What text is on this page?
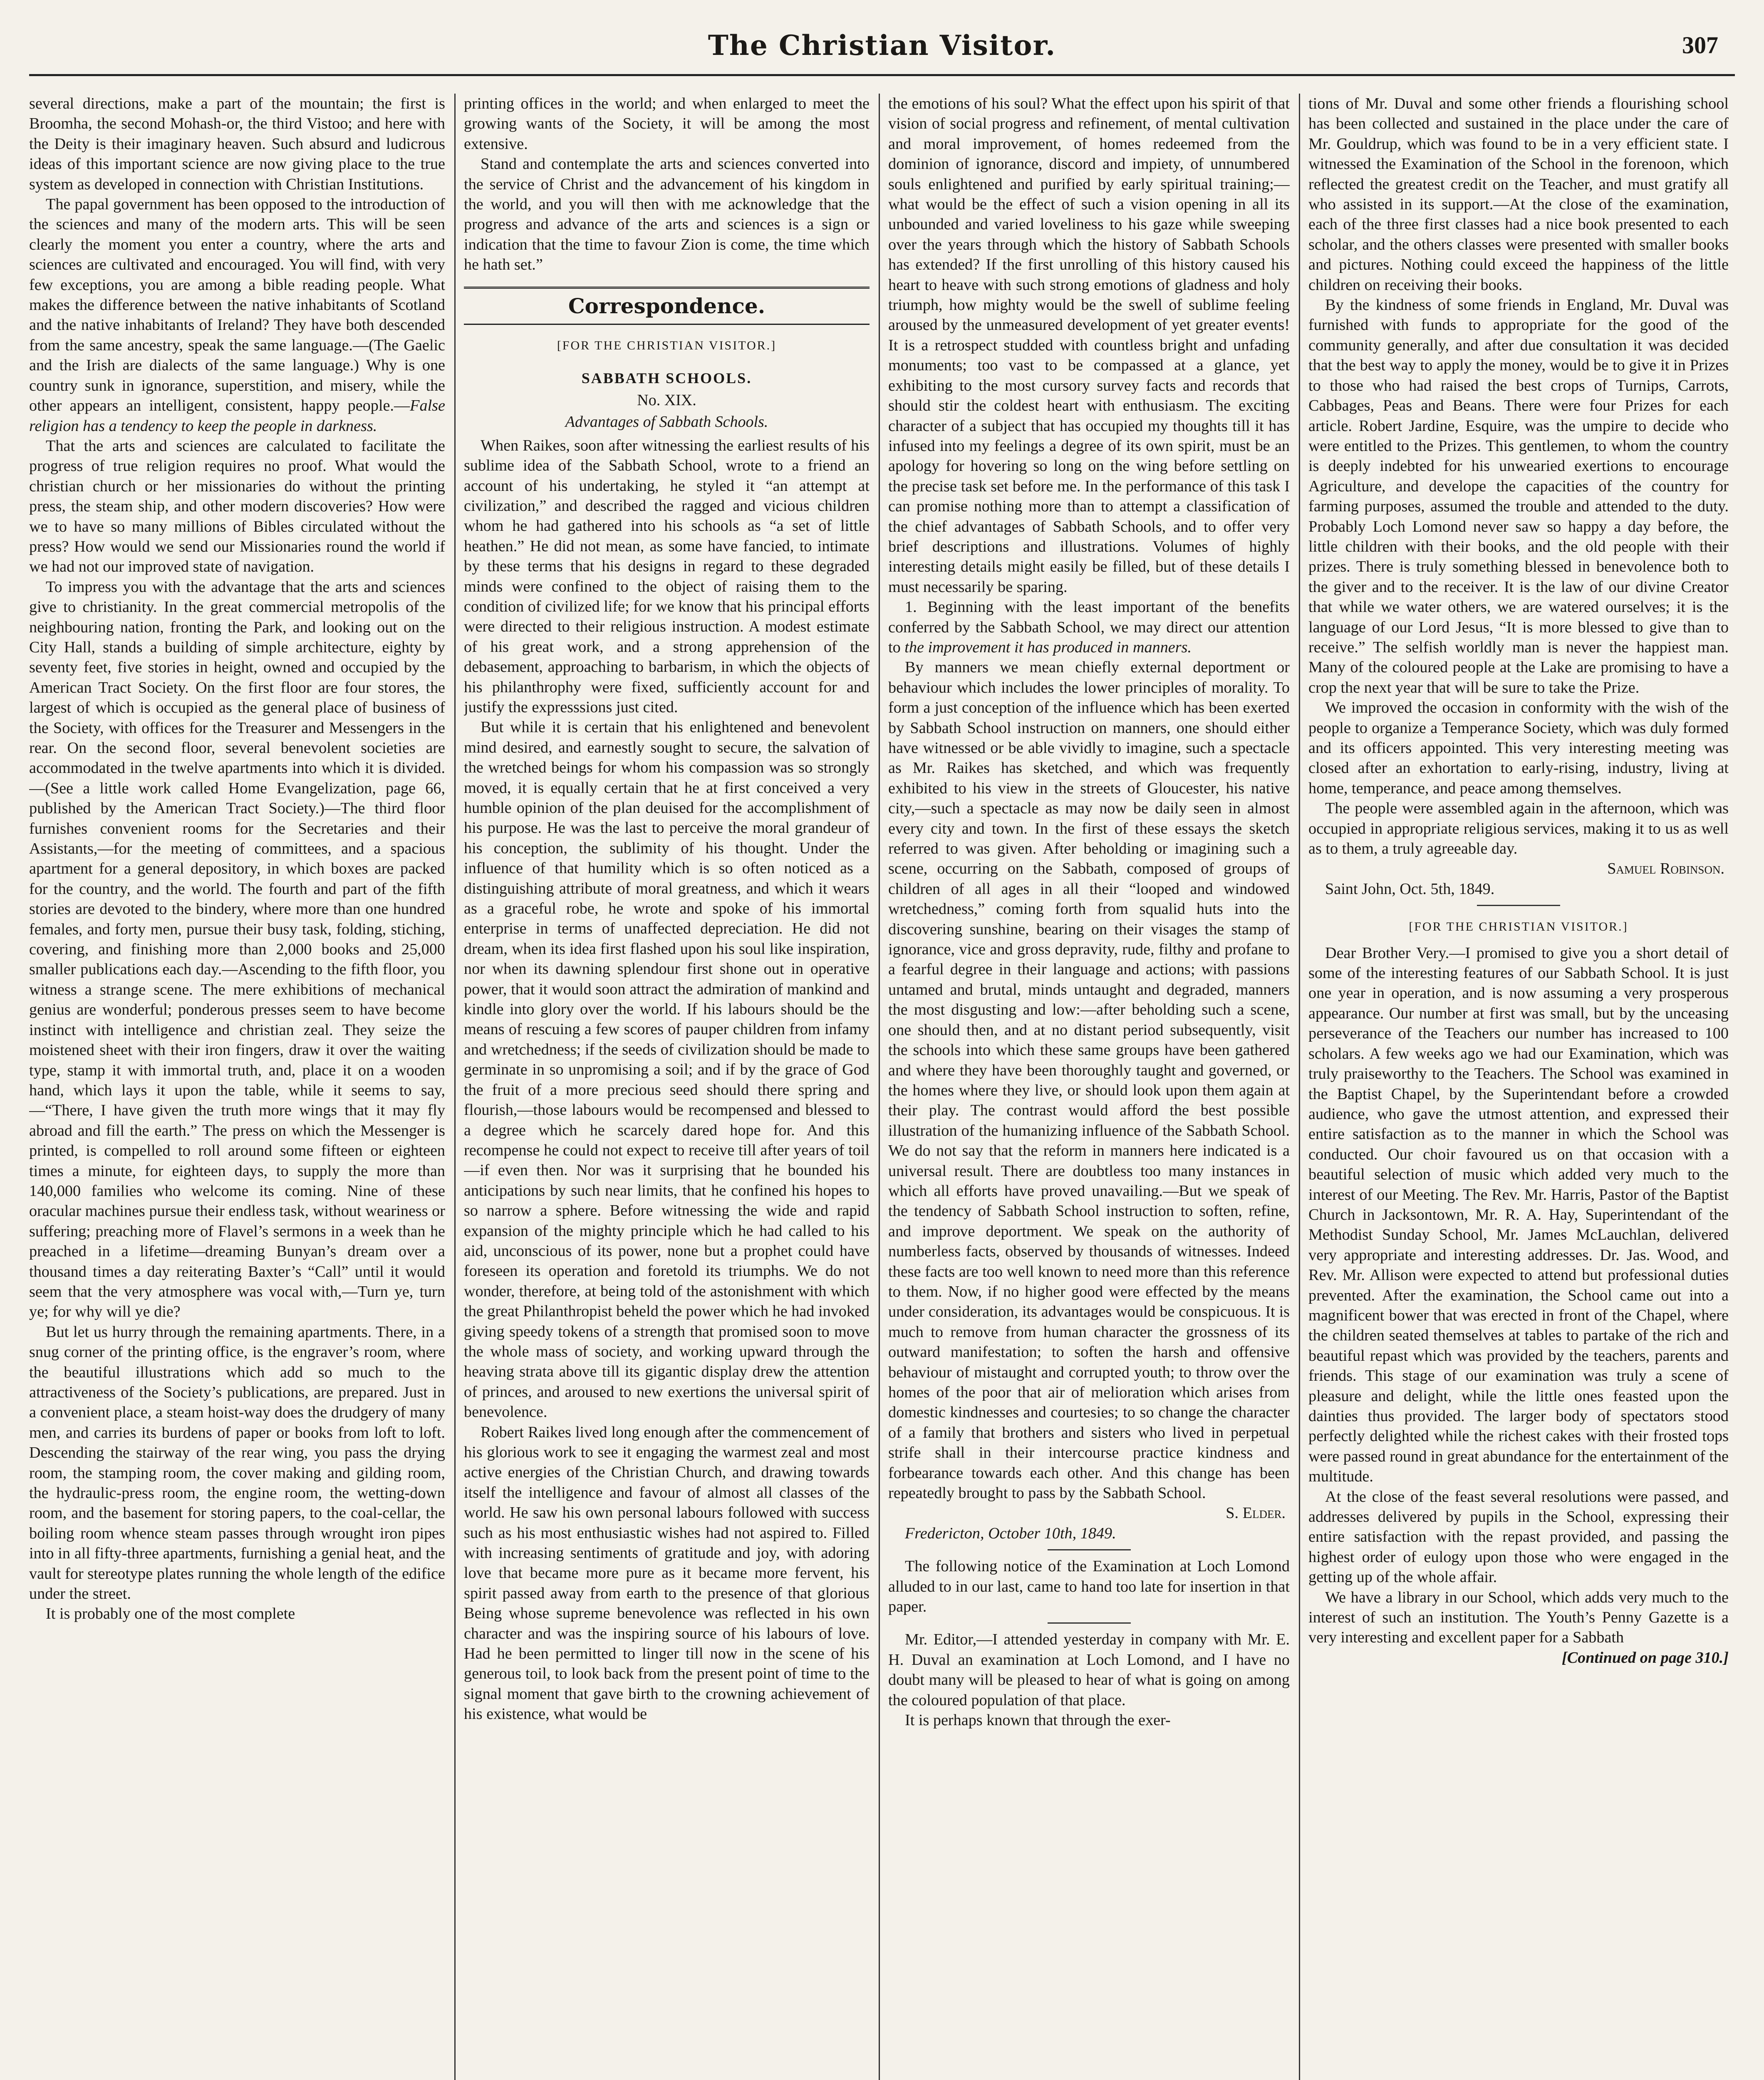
The Christian Visitor.	307

several directions, make a part of the mountain; the first is Broomha, the second Mohash-or, the third Vistoo; and here with the Deity is their imaginary heaven. Such absurd and ludicrous ideas of this important science are now giving place to the true system as developed in connection with Christian Institutions.

The papal government has been opposed to the introduction of the sciences and many of the modern arts. This will be seen clearly the moment you enter a country, where the arts and sciences are cultivated and encouraged. You will find, with very few exceptions, you are among a bible reading people. What makes the difference between the native inhabitants of Scotland and the native inhabitants of Ireland? They have both descended from the same ancestry, speak the same language.—(The Gaelic and the Irish are dialects of the same language.) Why is one country sunk in ignorance, superstition, and misery, while the other appears an intelligent, consistent, happy people.—False religion has a tendency to keep the people in darkness.

That the arts and sciences are calculated to facilitate the progress of true religion requires no proof. What would the christian church or her missionaries do without the printing press, the steam ship, and other modern discoveries? How were we to have so many millions of Bibles circulated without the press? How would we send our Missionaries round the world if we had not our improved state of navigation.

To impress you with the advantage that the arts and sciences give to christianity. In the great commercial metropolis of the neighbouring nation, fronting the Park, and looking out on the City Hall, stands a building of simple architecture, eighty by seventy feet, five stories in height, owned and occupied by the American Tract Society. On the first floor are four stores, the largest of which is occupied as the general place of business of the Society, with offices for the Treasurer and Messengers in the rear. On the second floor, several benevolent societies are accommodated in the twelve apartments into which it is divided.—(See a little work called Home Evangelization, page 66, published by the American Tract Society.)—The third floor furnishes convenient rooms for the Secretaries and their Assistants,—for the meeting of committees, and a spacious apartment for a general depository, in which boxes are packed for the country, and the world. The fourth and part of the fifth stories are devoted to the bindery, where more than one hundred females, and forty men, pursue their busy task, folding, stiching, covering, and finishing more than 2,000 books and 25,000 smaller publications each day.—Ascending to the fifth floor, you witness a strange scene. The mere exhibitions of mechanical genius are wonderful; ponderous presses seem to have become instinct with intelligence and christian zeal. They seize the moistened sheet with their iron fingers, draw it over the waiting type, stamp it with immortal truth, and, place it on a wooden hand, which lays it upon the table, while it seems to say,—“There, I have given the truth more wings that it may fly abroad and fill the earth.” The press on which the Messenger is printed, is compelled to roll around some fifteen or eighteen times a minute, for eighteen days, to supply the more than 140,000 families who welcome its coming. Nine of these oracular machines pursue their endless task, without weariness or suffering; preaching more of Flavel’s sermons in a week than he preached in a lifetime—dreaming Bunyan’s dream over a thousand times a day reiterating Baxter’s “Call” until it would seem that the very atmosphere was vocal with,—Turn ye, turn ye; for why will ye die?

But let us hurry through the remaining apartments. There, in a snug corner of the printing office, is the engraver’s room, where the beautiful illustrations which add so much to the attractiveness of the Society’s publications, are prepared. Just in a convenient place, a steam hoist-way does the drudgery of many men, and carries its burdens of paper or books from loft to loft. Descending the stairway of the rear wing, you pass the drying room, the stamping room, the cover making and gilding room, the hydraulic-press room, the engine room, the wetting-down room, and the basement for storing papers, to the coal-cellar, the boiling room whence steam passes through wrought iron pipes into in all fifty-three apartments, furnishing a genial heat, and the vault for stereotype plates running the whole length of the edifice under the street.

It is probably one of the most complete

printing offices in the world; and when enlarged to meet the growing wants of the Society, it will be among the most extensive.

Stand and contemplate the arts and sciences converted into the service of Christ and the advancement of his kingdom in the world, and you will then with me acknowledge that the progress and advance of the arts and sciences is a sign or indication that the time to favour Zion is come, the time which he hath set.”

Correspondence.
[FOR THE CHRISTIAN VISITOR.]
SABBATH SCHOOLS.
No. XIX.
Advantages of Sabbath Schools.

When Raikes, soon after witnessing the earliest results of his sublime idea of the Sabbath School, wrote to a friend an account of his undertaking, he styled it “an attempt at civilization,” and described the ragged and vicious children whom he had gathered into his schools as “a set of little heathen.” He did not mean, as some have fancied, to intimate by these terms that his designs in regard to these degraded minds were confined to the object of raising them to the condition of civilized life; for we know that his principal efforts were directed to their religious instruction. A modest estimate of his great work, and a strong apprehension of the debasement, approaching to barbarism, in which the objects of his philanthrophy were fixed, sufficiently account for and justify the expresssions just cited.

But while it is certain that his enlightened and benevolent mind desired, and earnestly sought to secure, the salvation of the wretched beings for whom his compassion was so strongly moved, it is equally certain that he at first conceived a very humble opinion of the plan deuised for the accomplishment of his purpose. He was the last to perceive the moral grandeur of his conception, the sublimity of his thought. Under the influence of that humility which is so often noticed as a distinguishing attribute of moral greatness, and which it wears as a graceful robe, he wrote and spoke of his immortal enterprise in terms of unaffected depreciation. He did not dream, when its idea first flashed upon his soul like inspiration, nor when its dawning splendour first shone out in operative power, that it would soon attract the admiration of mankind and kindle into glory over the world. If his labours should be the means of rescuing a few scores of pauper children from infamy and wretchedness; if the seeds of civilization should be made to germinate in so unpromising a soil; and if by the grace of God the fruit of a more precious seed should there spring and flourish,—those labours would be recompensed and blessed to a degree which he scarcely dared hope for. And this recompense he could not expect to receive till after years of toil—if even then. Nor was it surprising that he bounded his anticipations by such near limits, that he confined his hopes to so narrow a sphere. Before witnessing the wide and rapid expansion of the mighty principle which he had called to his aid, unconscious of its power, none but a prophet could have foreseen its operation and foretold its triumphs. We do not wonder, therefore, at being told of the astonishment with which the great Philanthropist beheld the power which he had invoked giving speedy tokens of a strength that promised soon to move the whole mass of society, and working upward through the heaving strata above till its gigantic display drew the attention of princes, and aroused to new exertions the universal spirit of benevolence.

Robert Raikes lived long enough after the commencement of his glorious work to see it engaging the warmest zeal and most active energies of the Christian Church, and drawing towards itself the intelligence and favour of almost all classes of the world. He saw his own personal labours followed with success such as his most enthusiastic wishes had not aspired to. Filled with increasing sentiments of gratitude and joy, with adoring love that became more pure as it became more fervent, his spirit passed away from earth to the presence of that glorious Being whose supreme benevolence was reflected in his own character and was the inspiring source of his labours of love. Had he been permitted to linger till now in the scene of his generous toil, to look back from the present point of time to the signal moment that gave birth to the crowning achievement of his existence, what would be

the emotions of his soul? What the effect upon his spirit of that vision of social progress and refinement, of mental cultivation and moral improvement, of homes redeemed from the dominion of ignorance, discord and impiety, of unnumbered souls enlightened and purified by early spiritual training;—what would be the effect of such a vision opening in all its unbounded and varied loveliness to his gaze while sweeping over the years through which the history of Sabbath Schools has extended? If the first unrolling of this history caused his heart to heave with such strong emotions of gladness and holy triumph, how mighty would be the swell of sublime feeling aroused by the unmeasured development of yet greater events! It is a retrospect studded with countless bright and unfading monuments; too vast to be compassed at a glance, yet exhibiting to the most cursory survey facts and records that should stir the coldest heart with enthusiasm. The exciting character of a subject that has occupied my thoughts till it has infused into my feelings a degree of its own spirit, must be an apology for hovering so long on the wing before settling on the precise task set before me. In the performance of this task I can promise nothing more than to attempt a classification of the chief advantages of Sabbath Schools, and to offer very brief descriptions and illustrations. Volumes of highly interesting details might easily be filled, but of these details I must necessarily be sparing.

1. Beginning with the least important of the benefits conferred by the Sabbath School, we may direct our attention to the improvement it has produced in manners.

By manners we mean chiefly external deportment or behaviour which includes the lower principles of morality. To form a just conception of the influence which has been exerted by Sabbath School instruction on manners, one should either have witnessed or be able vividly to imagine, such a spectacle as Mr. Raikes has sketched, and which was frequently exhibited to his view in the streets of Gloucester, his native city,—such a spectacle as may now be daily seen in almost every city and town. In the first of these essays the sketch referred to was given. After beholding or imagining such a scene, occurring on the Sabbath, composed of groups of children of all ages in all their “looped and windowed wretchedness,” coming forth from squalid huts into the discovering sunshine, bearing on their visages the stamp of ignorance, vice and gross depravity, rude, filthy and profane to a fearful degree in their language and actions; with passions untamed and brutal, minds untaught and degraded, manners the most disgusting and low:—after beholding such a scene, one should then, and at no distant period subsequently, visit the schools into which these same groups have been gathered and where they have been thoroughly taught and governed, or the homes where they live, or should look upon them again at their play. The contrast would afford the best possible illustration of the humanizing influence of the Sabbath School. We do not say that the reform in manners here indicated is a universal result. There are doubtless too many instances in which all efforts have proved unavailing.—But we speak of the tendency of Sabbath School instruction to soften, refine, and improve deportment. We speak on the authority of numberless facts, observed by thousands of witnesses. Indeed these facts are too well known to need more than this reference to them. Now, if no higher good were effected by the means under consideration, its advantages would be conspicuous. It is much to remove from human character the grossness of its outward manifestation; to soften the harsh and offensive behaviour of mistaught and corrupted youth; to throw over the homes of the poor that air of melioration which arises from domestic kindnesses and courtesies; to so change the character of a family that brothers and sisters who lived in perpetual strife shall in their intercourse practice kindness and forbearance towards each other. And this change has been repeatedly brought to pass by the Sabbath School.

S. Elder.
Fredericton, October 10th, 1849.

The following notice of the Examination at Loch Lomond alluded to in our last, came to hand too late for insertion in that paper.

Mr. Editor,—I attended yesterday in company with Mr. E. H. Duval an examination at Loch Lomond, and I have no doubt many will be pleased to hear of what is going on among the coloured population of that place.

It is perhaps known that through the exer-

tions of Mr. Duval and some other friends a flourishing school has been collected and sustained in the place under the care of Mr. Gouldrup, which was found to be in a very efficient state. I witnessed the Examination of the School in the forenoon, which reflected the greatest credit on the Teacher, and must gratify all who assisted in its support.—At the close of the examination, each of the three first classes had a nice book presented to each scholar, and the others classes were presented with smaller books and pictures. Nothing could exceed the happiness of the little children on receiving their books.

By the kindness of some friends in England, Mr. Duval was furnished with funds to appropriate for the good of the community generally, and after due consultation it was decided that the best way to apply the money, would be to give it in Prizes to those who had raised the best crops of Turnips, Carrots, Cabbages, Peas and Beans. There were four Prizes for each article. Robert Jardine, Esquire, was the umpire to decide who were entitled to the Prizes. This gentlemen, to whom the country is deeply indebted for his unwearied exertions to encourage Agriculture, and develope the capacities of the country for farming purposes, assumed the trouble and attended to the duty. Probably Loch Lomond never saw so happy a day before, the little children with their books, and the old people with their prizes. There is truly something blessed in benevolence both to the giver and to the receiver. It is the law of our divine Creator that while we water others, we are watered ourselves; it is the language of our Lord Jesus, “It is more blessed to give than to receive.” The selfish worldly man is never the happiest man. Many of the coloured people at the Lake are promising to have a crop the next year that will be sure to take the Prize.

We improved the occasion in conformity with the wish of the people to organize a Temperance Society, which was duly formed and its officers appointed. This very interesting meeting was closed after an exhortation to early-rising, industry, living at home, temperance, and peace among themselves.

The people were assembled again in the afternoon, which was occupied in appropriate religious services, making it to us as well as to them, a truly agreeable day.

Samuel Robinson.
Saint John, Oct. 5th, 1849.
[FOR THE CHRISTIAN VISITOR.]

Dear Brother Very.—I promised to give you a short detail of some of the interesting features of our Sabbath School. It is just one year in operation, and is now assuming a very prosperous appearance. Our number at first was small, but by the unceasing perseverance of the Teachers our number has increased to 100 scholars. A few weeks ago we had our Examination, which was truly praiseworthy to the Teachers. The School was examined in the Baptist Chapel, by the Superintendant before a crowded audience, who gave the utmost attention, and expressed their entire satisfaction as to the manner in which the School was conducted. Our choir favoured us on that occasion with a beautiful selection of music which added very much to the interest of our Meeting. The Rev. Mr. Harris, Pastor of the Baptist Church in Jacksontown, Mr. R. A. Hay, Superintendant of the Methodist Sunday School, Mr. James McLauchlan, delivered very appropriate and interesting addresses. Dr. Jas. Wood, and Rev. Mr. Allison were expected to attend but professional duties prevented. After the examination, the School came out into a magnificent bower that was erected in front of the Chapel, where the children seated themselves at tables to partake of the rich and beautiful repast which was provided by the teachers, parents and friends. This stage of our examination was truly a scene of pleasure and delight, while the little ones feasted upon the dainties thus provided. The larger body of spectators stood perfectly delighted while the richest cakes with their frosted tops were passed round in great abundance for the entertainment of the multitude.

At the close of the feast several resolutions were passed, and addresses delivered by pupils in the School, expressing their entire satisfaction with the repast provided, and passing the highest order of eulogy upon those who were engaged in the getting up of the whole affair.

We have a library in our School, which adds very much to the interest of such an institution. The Youth’s Penny Gazette is a very interesting and excellent paper for a Sabbath

[Continued on page 310.]
